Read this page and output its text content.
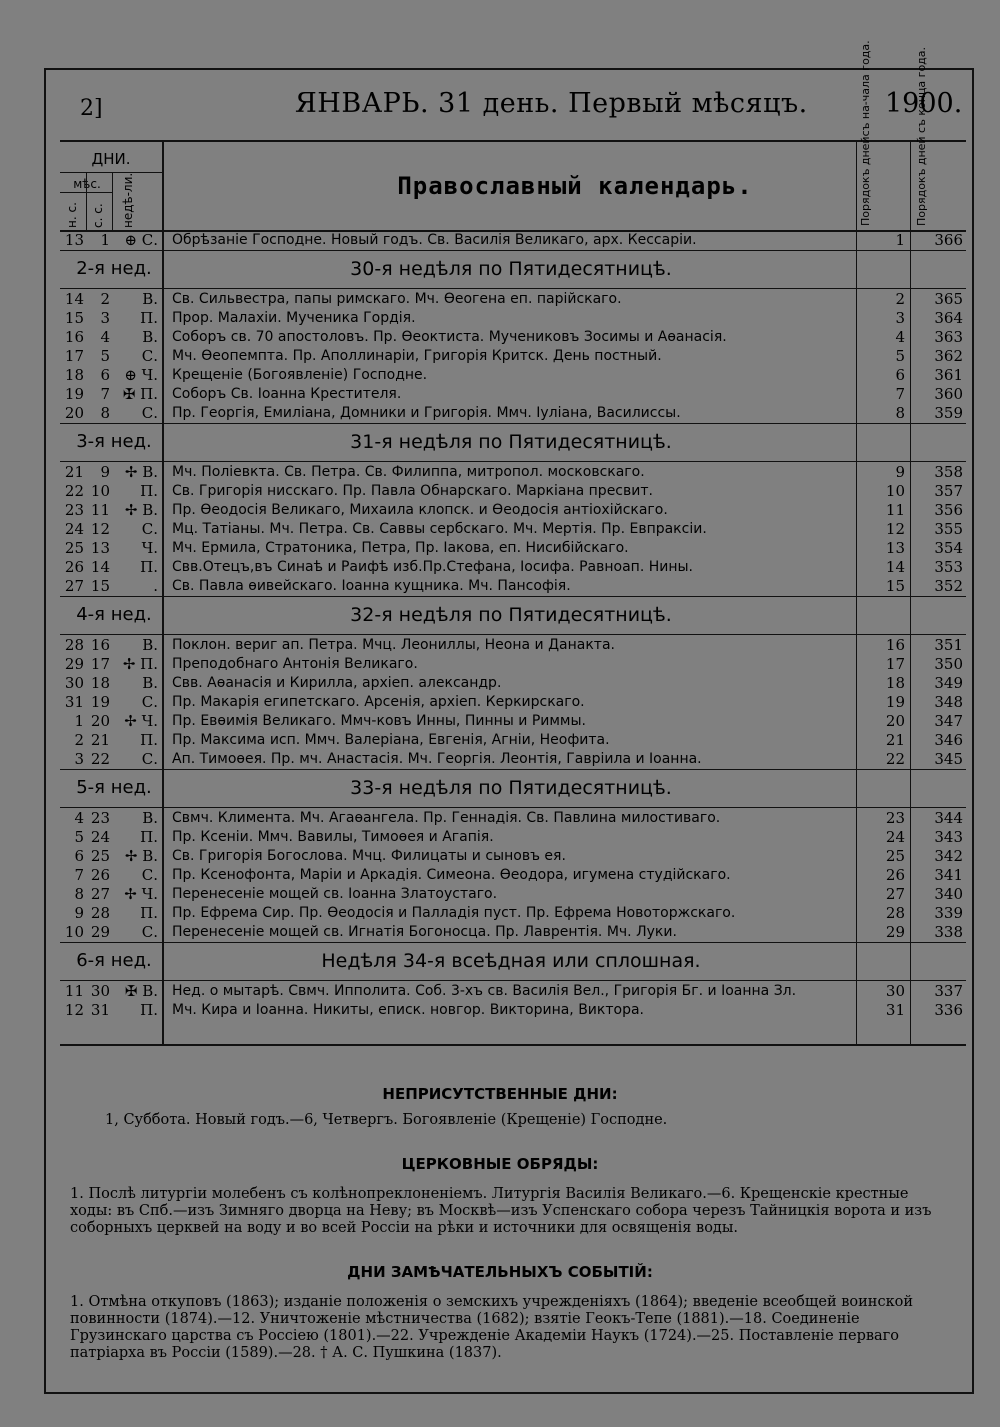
2]	ЯНВАРЬ. 31 день. Первый мѣсяцъ.	1900.
ДНИ.
мѣс.
н. с. с. с. недѣ-ли.	Православный календарь.	Порядокъ днейсъ на-чала года.	Порядокъ дней съ конца года.
13	1 ⊕ С. Обрѣзаніе Господне. Новый годъ. Св. Василія Великаго, арх. Кессаріи.	1	366
2-я нед.	30-я недѣля по Пятидесятницѣ.
14	2	В. Св. Сильвестра, папы римскаго. Мч. Өеогена еп. парійскаго.	2	365
15	3	П. Прор. Малахіи. Мученика Гордія.	3	364
16	4	В. Соборъ св. 70 апостоловъ. Пр. Өеоктиста. Мучениковъ Зосимы и Аөанасія.	4	363
17	5	С. Мч. Өеопемпта. Пр. Аполлинаріи, Григорія Критск. День постный.	5	362
18	6 ⊕ Ч. Крещеніе (Богоявленіе) Господне.	6	361
19	7 ✠ П. Соборъ Св. Іоанна Крестителя.	7	360
20	8	С. Пр. Георгія, Емиліана, Домники и Григорія. Ммч. Іуліана, Василиссы.	8	359
3-я нед.	31-я недѣля по Пятидесятницѣ.
21	9 ✢ В. Мч. Поліевкта. Св. Петра. Св. Филиппа, митропол. московскаго.	9	358
22 10	П. Св. Григорія нисскаго. Пр. Павла Обнарскаго. Маркіана пресвит.	10	357
23 11 ✢ В. Пр. Өеодосія Великаго, Михаила клопск. и Өеодосія антіохійскаго.	11	356
24 12	С. Мц. Татіаны. Мч. Петра. Св. Саввы сербскаго. Мч. Мертія. Пр. Евпраксіи.	12	355
25 13	Ч. Мч. Ермила, Стратоника, Петра, Пр. Іакова, еп. Нисибійскаго.	13	354
26 14	П. Свв.Отецъ,въ Синаѣ и Раифѣ изб.Пр.Стефана, Іосифа. Равноап. Нины.	14	353
27 15	. Св. Павла өивейскаго. Іоанна кущника. Мч. Пансофія.	15	352
4-я нед.	32-я недѣля по Пятидесятницѣ.
28 16	В. Поклон. вериг ап. Петра. Мчц. Леониллы, Неона и Данакта.	16	351
29 17 ✢ П. Преподобнаго Антонія Великаго.	17	350
30 18	В. Свв. Аөанасія и Кирилла, архіеп. александр.	18	349
31 19	С. Пр. Макарія египетскаго. Арсенія, архіеп. Керкирскаго.	19	348
1 20 ✢ Ч. Пр. Евөимія Великаго. Ммч-ковъ Инны, Пинны и Риммы.	20	347
2 21	П. Пр. Максима исп. Ммч. Валеріана, Евгенія, Агніи, Неофита.	21	346
3 22	С. Ап. Тимоөея. Пр. мч. Анастасія. Мч. Георгія. Леонтія, Гавріила и Іоанна.	22	345
5-я нед.	33-я недѣля по Пятидесятницѣ.
4 23	В. Свмч. Климента. Мч. Агаөангела. Пр. Геннадія. Св. Павлина милостиваго.	23	344
5 24	П. Пр. Ксеніи. Ммч. Вавилы, Тимоөея и Агапія.	24	343
6 25 ✢ В. Св. Григорія Богослова. Мчц. Филицаты и сыновъ ея.	25	342
7 26	С. Пр. Ксенофонта, Маріи и Аркадія. Симеона. Өеодора, игумена студійскаго.	26	341
8 27 ✢ Ч. Перенесеніе мощей св. Іоанна Златоустаго.	27	340
9 28	П. Пр. Ефрема Сир. Пр. Өеодосія и Палладія пуст. Пр. Ефрема Новоторжскаго.	28	339
10 29	С. Перенесеніе мощей св. Игнатія Богоносца. Пр. Лаврентія. Мч. Луки.	29	338
6-я нед.	Недѣля 34-я всеѣдная или сплошная.
11 30 ✠ В. Нед. о мытарѣ. Свмч. Ипполита. Соб. 3-хъ св. Василія Вел., Григорія Бг. и Іоанна Зл.	30	337
12 31	П. Мч. Кира и Іоанна. Никиты, еписк. новгор. Викторина, Виктора.	31	336
НЕПРИСУТСТВЕННЫЕ ДНИ:
1, Суббота. Новый годъ.—6, Четвергъ. Богоявленіе (Крещеніе) Господне.
ЦЕРКОВНЫЕ ОБРЯДЫ:
1. Послѣ литургіи молебенъ съ колѣнопреклоненіемъ. Литургія Василія Великаго.—6. Крещенскіе крестные ходы: въ Спб.—изъ Зимняго дворца на Неву; въ Москвѣ—изъ Успенскаго собора черезъ Тайницкія ворота и изъ соборныхъ церквей на воду и во всей Россіи на рѣки и источники для освященія воды.
ДНИ ЗАМѢЧАТЕЛЬНЫХЪ СОБЫТІЙ:
1. Отмѣна откуповъ (1863); изданіе положенія о земскихъ учрежденіяхъ (1864); введеніе всеобщей воинской повинности (1874).—12. Уничтоженіе мѣстничества (1682); взятіе Геокъ-Тепе (1881).—18. Соединеніе Грузинскаго царства съ Россіею (1801).—22. Учрежденіе Академіи Наукъ (1724).—25. Поставленіе перваго патріарха въ Россіи (1589).—28. † А. С. Пушкина (1837).
